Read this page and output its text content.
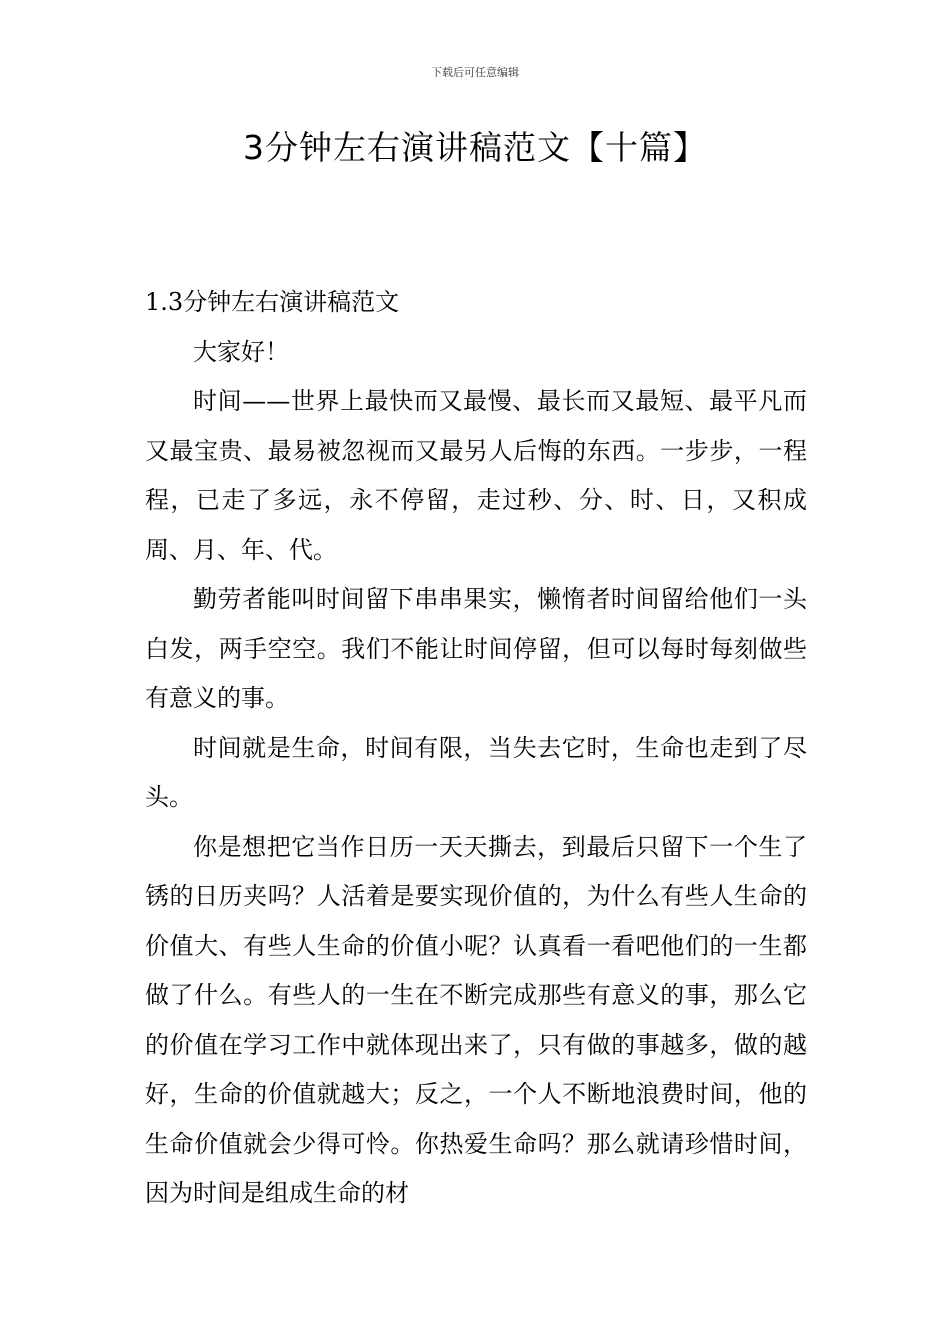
下载后可任意编辑
3分钟左右演讲稿范文【十篇】

1.3分钟左右演讲稿范文

大家好！

时间——世界上最快而又最慢、最长而又最短、最平凡而又最宝贵、最易被忽视而又最另人后悔的东西。一步步，一程程，已走了多远，永不停留，走过秒、分、时、日，又积成周、月、年、代。

勤劳者能叫时间留下串串果实，懒惰者时间留给他们一头白发，两手空空。我们不能让时间停留，但可以每时每刻做些有意义的事。

时间就是生命，时间有限，当失去它时，生命也走到了尽头。

你是想把它当作日历一天天撕去，到最后只留下一个生了锈的日历夹吗？人活着是要实现价值的，为什么有些人生命的价值大、有些人生命的价值小呢？认真看一看吧他们的一生都做了什么。有些人的一生在不断完成那些有意义的事，那么它的价值在学习工作中就体现出来了，只有做的事越多，做的越好，生命的价值就越大；反之，一个人不断地浪费时间，他的生命价值就会少得可怜。你热爱生命吗？那么就请珍惜时间，因为时间是组成生命的材
